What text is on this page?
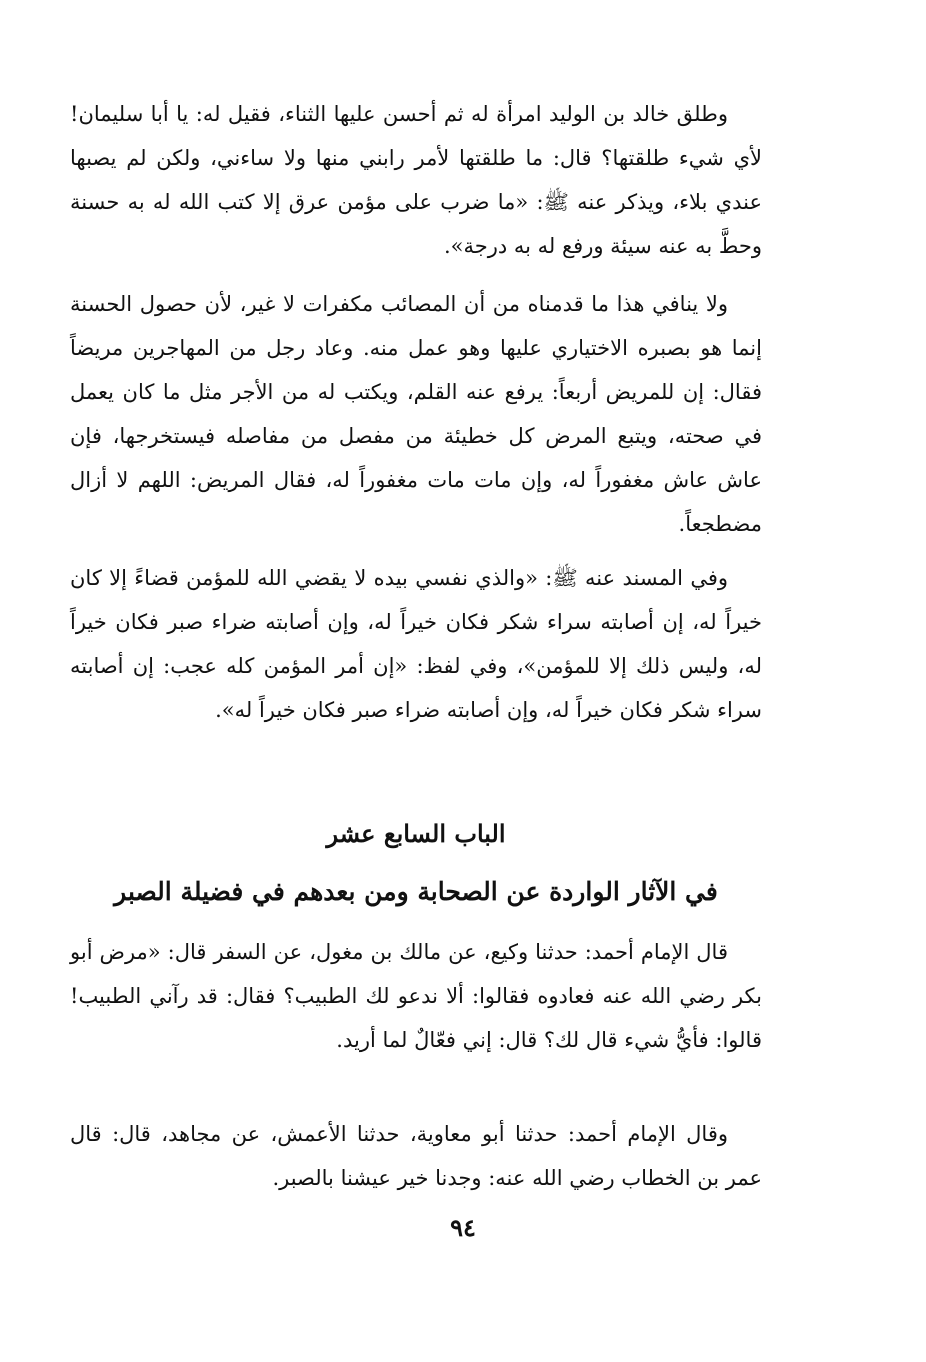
وطلق خالد بن الوليد امرأة له ثم أحسن عليها الثناء، فقيل له: يا أبا سليمان! لأي شيء طلقتها؟ قال: ما طلقتها لأمر رابني منها ولا ساءني، ولكن لم يصبها عندي بلاء، ويذكر عنه ﷺ: «ما ضرب على مؤمن عرق إلا كتب الله له به حسنة وحطَّ به عنه سيئة ورفع له به درجة».

ولا ينافي هذا ما قدمناه من أن المصائب مكفرات لا غير، لأن حصول الحسنة إنما هو بصبره الاختياري عليها وهو عمل منه. وعاد رجل من المهاجرين مريضاً فقال: إن للمريض أربعاً: يرفع عنه القلم، ويكتب له من الأجر مثل ما كان يعمل في صحته، ويتبع المرض كل خطيئة من مفصل من مفاصله فيستخرجها، فإن عاش عاش مغفوراً له، وإن مات مات مغفوراً له، فقال المريض: اللهم لا أزال مضطجعاً.

وفي المسند عنه ﷺ: «والذي نفسي بيده لا يقضي الله للمؤمن قضاءً إلا كان خيراً له، إن أصابته سراء شكر فكان خيراً له، وإن أصابته ضراء صبر فكان خيراً له، وليس ذلك إلا للمؤمن»، وفي لفظ: «إن أمر المؤمن كله عجب: إن أصابته سراء شكر فكان خيراً له، وإن أصابته ضراء صبر فكان خيراً له».

الباب السابع عشر
في الآثار الواردة عن الصحابة ومن بعدهم في فضيلة الصبر

قال الإمام أحمد: حدثنا وكيع، عن مالك بن مغول، عن السفر قال: «مرض أبو بكر رضي الله عنه فعادوه فقالوا: ألا ندعو لك الطبيب؟ فقال: قد رآني الطبيب! قالوا: فأيُّ شيء قال لك؟ قال: إني فعّالٌ لما أريد.

وقال الإمام أحمد: حدثنا أبو معاوية، حدثنا الأعمش، عن مجاهد، قال: قال عمر بن الخطاب رضي الله عنه: وجدنا خير عيشنا بالصبر.

٩٤
